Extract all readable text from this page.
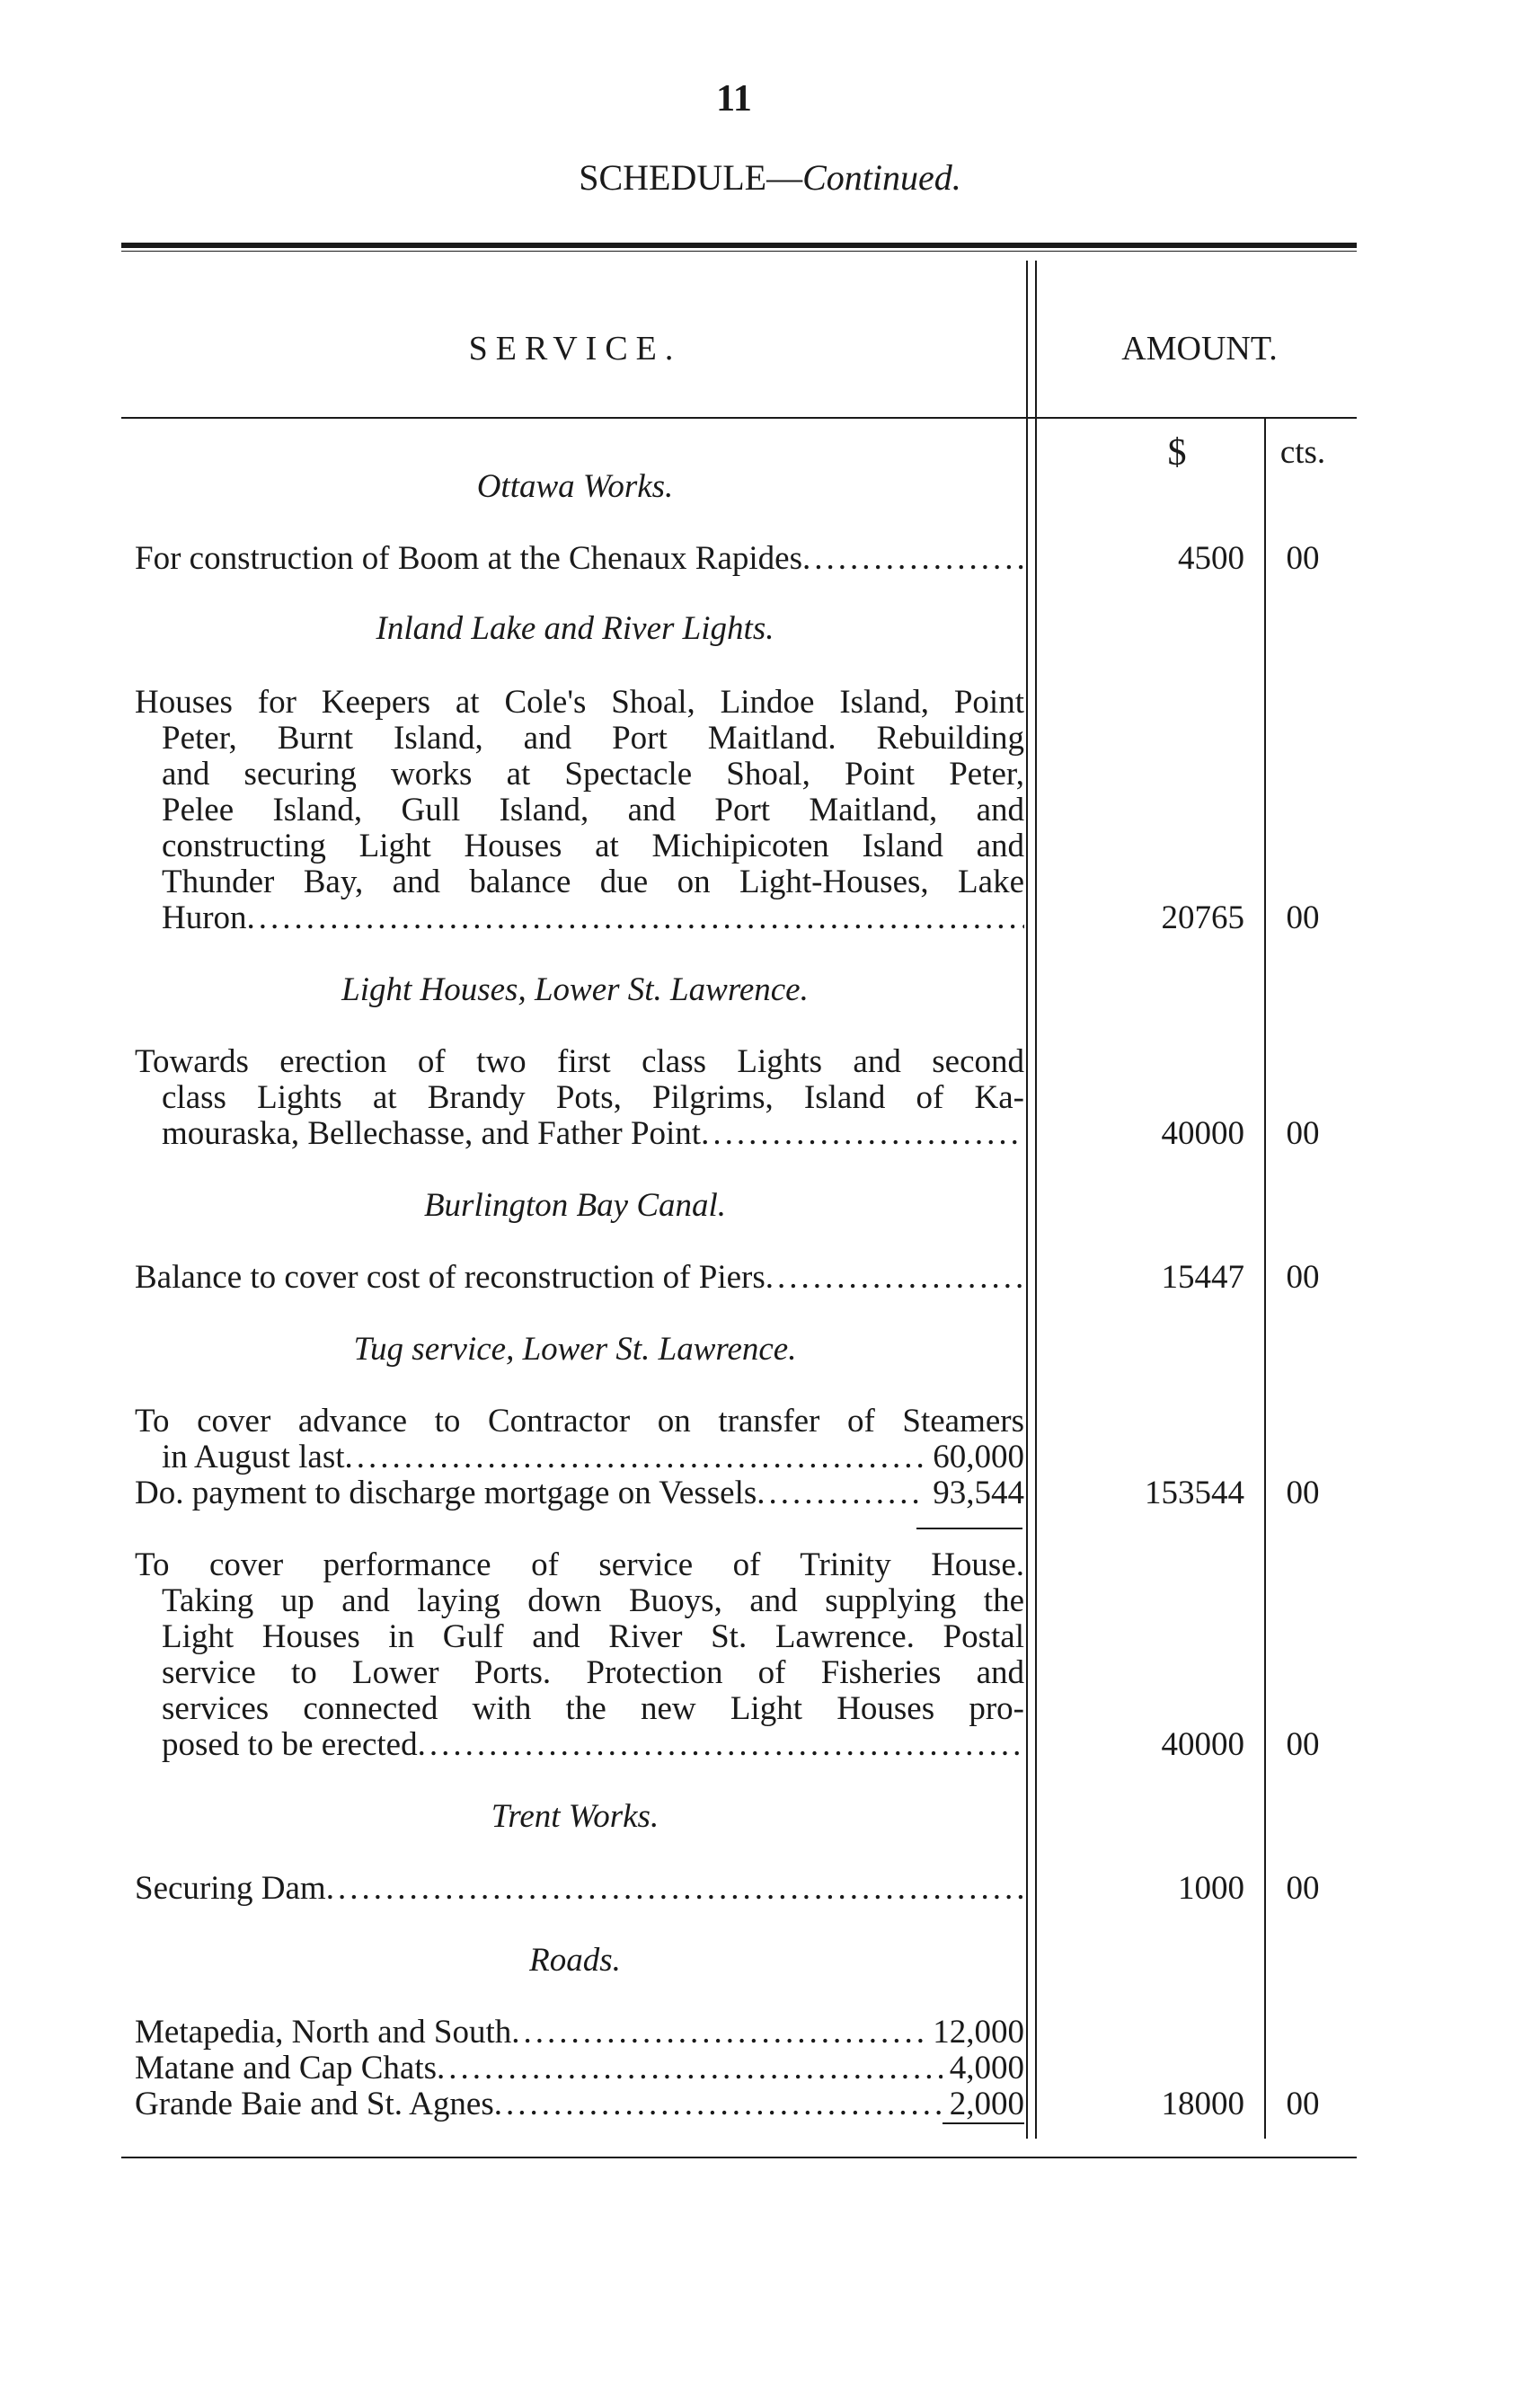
11
SCHEDULE—Continued.
SERVICE.	AMOUNT.
$	cts.
Ottawa Works.
For construction of Boom at the Chenaux Rapides .....	4500	00
Inland Lake and River Lights.
Houses for Keepers at Cole's Shoal, Lindoe Island, Point
Peter, Burnt Island, and Port Maitland. Rebuilding
and securing works at Spectacle Shoal, Point Peter,
Pelee Island, Gull Island, and Port Maitland, and
constructing Light Houses at Michipicoten Island and
Thunder Bay, and balance due on Light-Houses, Lake
Huron .....	20765	00
Light Houses, Lower St. Lawrence.
Towards erection of two first class Lights and second
class Lights at Brandy Pots, Pilgrims, Island of Ka-
mouraska, Bellechasse, and Father Point .....	40000	00
Burlington Bay Canal.
Balance to cover cost of reconstruction of Piers .....	15447	00
Tug service, Lower St. Lawrence.
To cover advance to Contractor on transfer of Steamers
in August last .....	60,000
Do. payment to discharge mortgage on Vessels .....	93,544	153544	00
To cover performance of service of Trinity House.
Taking up and laying down Buoys, and supplying the
Light Houses in Gulf and River St. Lawrence. Postal
service to Lower Ports. Protection of Fisheries and
services connected with the new Light Houses pro-
posed to be erected .....	40000	00
Trent Works.
Securing Dam .....	1000	00
Roads.
Metapedia, North and South .....	12,000
Matane and Cap Chats .....	4,000
Grande Baie and St. Agnes .....	2,000	18000	00
